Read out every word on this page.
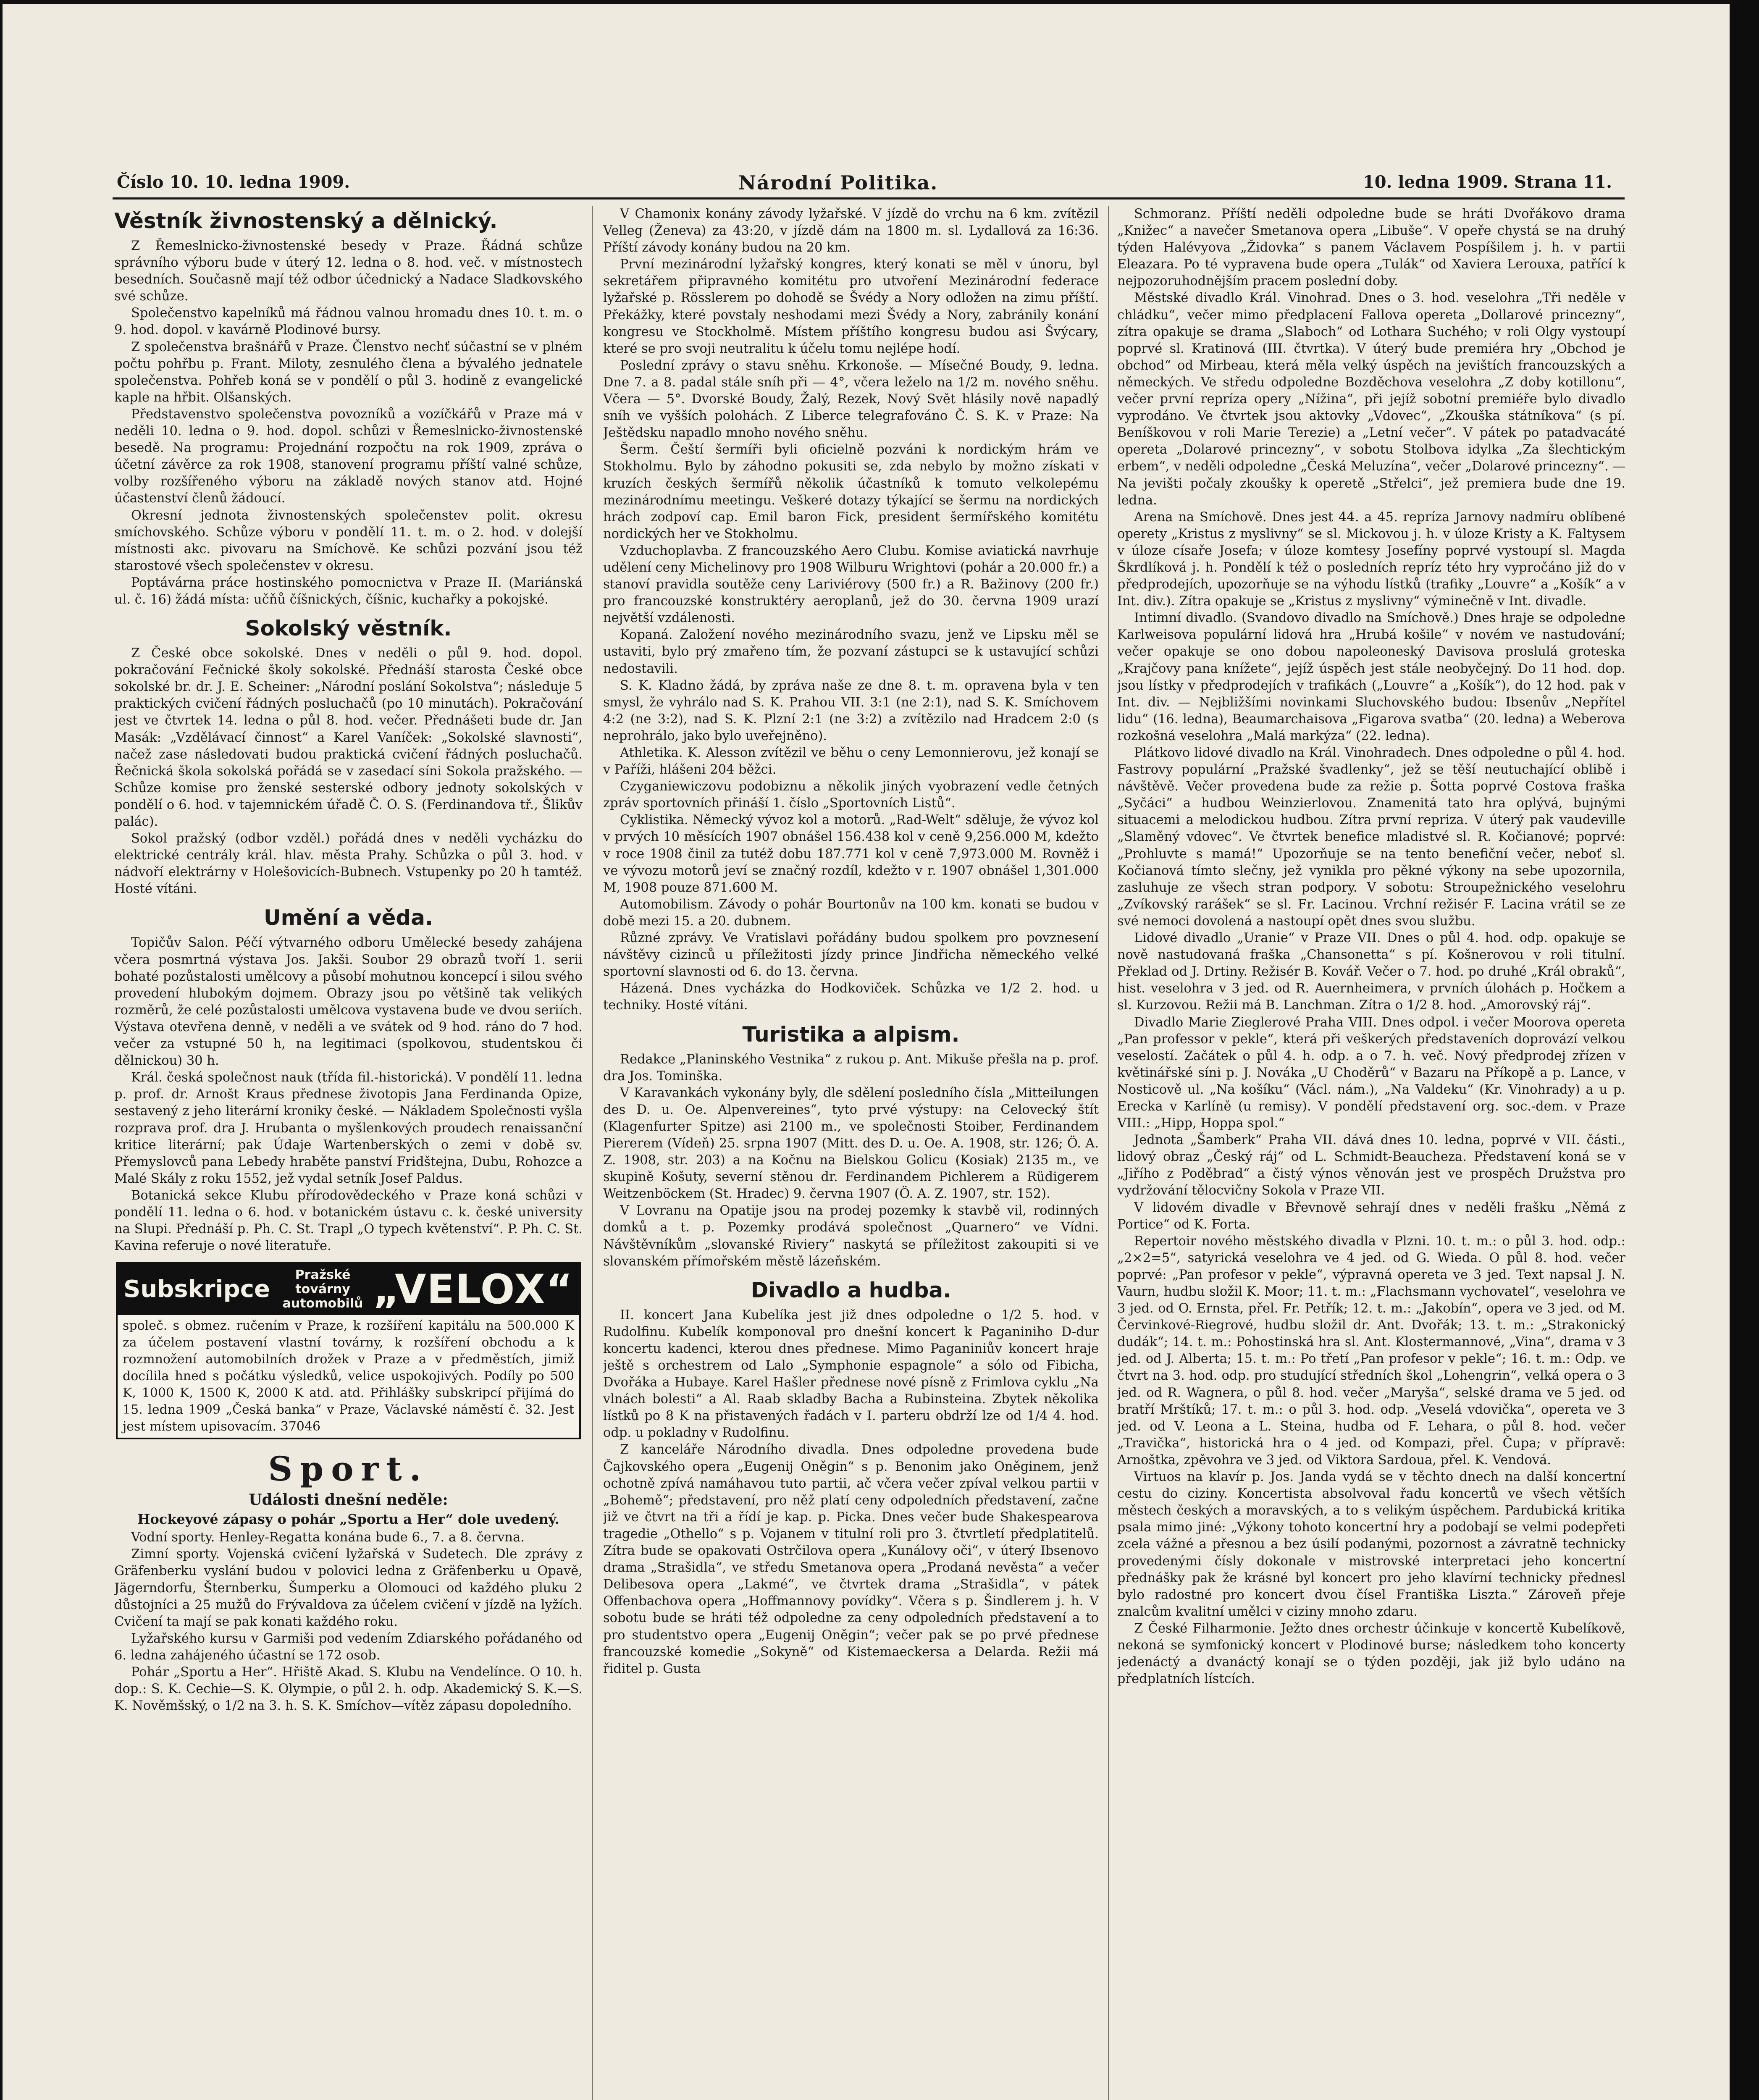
Číslo 10. 10. ledna 1909.	Národní Politika.	10. ledna 1909. Strana 11.
Věstník živnostenský a dělnický.

Z Řemeslnicko-živnostenské besedy v Praze. Řádná schůze správního výboru bude v úterý 12. ledna o 8. hod. več. v místnostech besedních. Současně mají též odbor účednický a Nadace Sladkovského své schůze.

Společenstvo kapelníků má řádnou valnou hromadu dnes 10. t. m. o 9. hod. dopol. v kavárně Plodinové bursy.

Z společenstva brašnářů v Praze. Členstvo nechť súčastní se v plném počtu pohřbu p. Frant. Miloty, zesnulého člena a bývalého jednatele společenstva. Pohřeb koná se v pondělí o půl 3. hodině z evangelické kaple na hřbit. Olšanských.

Představenstvo společenstva povozníků a vozíčkářů v Praze má v neděli 10. ledna o 9. hod. dopol. schůzi v Řemeslnicko-živnostenské besedě. Na programu: Projednání rozpočtu na rok 1909, zpráva o účetní závěrce za rok 1908, stanovení programu příští valné schůze, volby rozšířeného výboru na základě nových stanov atd. Hojné účastenství členů žádoucí.

Okresní jednota živnostenských společenstev polit. okresu smíchovského. Schůze výboru v pondělí 11. t. m. o 2. hod. v dolejší místnosti akc. pivovaru na Smíchově. Ke schůzi pozvání jsou též starostové všech společenstev v okresu.

Poptávárna práce hostinského pomocnictva v Praze II. (Mariánská ul. č. 16) žádá místa: učňů číšnických, číšnic, kuchařky a pokojské.

Sokolský věstník.

Z České obce sokolské. Dnes v neděli o půl 9. hod. dopol. pokračování Fečnické školy sokolské. Přednáší starosta České obce sokolské br. dr. J. E. Scheiner: „Národní poslání Sokolstva“; následuje 5 praktických cvičení řádných posluchačů (po 10 minutách). Pokračování jest ve čtvrtek 14. ledna o půl 8. hod. večer. Přednášeti bude dr. Jan Masák: „Vzdělávací činnost“ a Karel Vaníček: „Sokolské slavnosti“, načež zase následovati budou praktická cvičení řádných posluchačů. Řečnická škola sokolská pořádá se v zasedací síni Sokola pražského. — Schůze komise pro ženské sesterské odbory jednoty sokolských v pondělí o 6. hod. v tajemnickém úřadě Č. O. S. (Ferdinandova tř., Šlikův palác).

Sokol pražský (odbor vzděl.) pořádá dnes v neděli vycházku do elektrické centrály král. hlav. města Prahy. Schůzka o půl 3. hod. v nádvoří elektrárny v Holešovicích-Bubnech. Vstupenky po 20 h tamtéž. Hosté vítáni.

Umění a věda.

Topičův Salon. Péčí výtvarného odboru Umělecké besedy zahájena včera posmrtná výstava Jos. Jakši. Soubor 29 obrazů tvoří 1. serii bohaté pozůstalosti umělcovy a působí mohutnou koncepcí i silou svého provedení hlubokým dojmem. Obrazy jsou po většině tak velikých rozměrů, že celé pozůstalosti umělcova vystavena bude ve dvou seriích. Výstava otevřena denně, v neděli a ve svátek od 9 hod. ráno do 7 hod. večer za vstupné 50 h, na legitimaci (spolkovou, studentskou či dělnickou) 30 h.

Král. česká společnost nauk (třída fil.-historická). V pondělí 11. ledna p. prof. dr. Arnošt Kraus přednese životopis Jana Ferdinanda Opize, sestavený z jeho literární kroniky české. — Nákladem Společnosti vyšla rozprava prof. dra J. Hrubanta o myšlenkových proudech renaissanční kritice literární; pak Údaje Wartenberských o zemi v době sv. Přemyslovců pana Lebedy hraběte panství Fridštejna, Dubu, Rohozce a Malé Skály z roku 1552, jež vydal setník Josef Paldus.

Botanická sekce Klubu přírodovědeckého v Praze koná schůzi v pondělí 11. ledna o 6. hod. v botanickém ústavu c. k. české university na Slupi. Přednáší p. Ph. C. St. Trapl „O typech květenství“. P. Ph. C. St. Kavina referuje o nové literatuře.

Subskripce
Pražské továrny automobilů „VELOX“

společ. s obmez. ručením v Praze, k rozšíření kapitálu na 500.000 K za účelem postavení vlastní továrny, k rozšíření obchodu a k rozmnožení automobilních drožek v Praze a v předměstích, jimiž docílila hned s počátku výsledků, velice uspokojivých. Podíly po 500 K, 1000 K, 1500 K, 2000 K atd. atd. Přihlášky subskripcí přijímá do 15. ledna 1909 „Česká banka“ v Praze, Václavské náměstí č. 32. Jest jest místem upisovacím. 37046

Sport.
Události dnešní neděle:
Hockeyové zápasy o pohár „Sportu a Her“ dole uvedený.

Vodní sporty. Henley-Regatta konána bude 6., 7. a 8. června.

Zimní sporty. Vojenská cvičení lyžařská v Sudetech. Dle zprávy z Gräfenberku vyslání budou v polovici ledna z Gräfenberku u Opavě, Jägerndorfu, Šternberku, Šumperku a Olomouci od každého pluku 2 důstojníci a 25 mužů do Frývaldova za účelem cvičení v jízdě na lyžích. Cvičení ta mají se pak konati každého roku.

Lyžařského kursu v Garmiši pod vedením Zdiarského pořádaného od 6. ledna zahájeného účastní se 172 osob.

Pohár „Sportu a Her“. Hřiště Akad. S. Klubu na Vendelínce. O 10. h. dop.: S. K. Cechie—S. K. Olympie, o půl 2. h. odp. Akademický S. K.—S. K. Nověmšský, o 1/2 na 3. h. S. K. Smíchov—vítěz zápasu dopoledního.

V Chamonix konány závody lyžařské. V jízdě do vrchu na 6 km. zvítězil Velleg (Ženeva) za 43:20, v jízdě dám na 1800 m. sl. Lydallová za 16:36. Příští závody konány budou na 20 km.

První mezinárodní lyžařský kongres, který konati se měl v únoru, byl sekretářem připravného komitétu pro utvoření Mezinárodní federace lyžařské p. Rösslerem po dohodě se Švédy a Nory odložen na zimu příští. Překážky, které povstaly neshodami mezi Švédy a Nory, zabránily konání kongresu ve Stockholmě. Místem příštího kongresu budou asi Švýcary, které se pro svoji neutralitu k účelu tomu nejlépe hodí.

Poslední zprávy o stavu sněhu. Krkonoše. — Mísečné Boudy, 9. ledna. Dne 7. a 8. padal stále sníh při — 4°, včera leželo na 1/2 m. nového sněhu. Včera — 5°. Dvorské Boudy, Žalý, Rezek, Nový Svět hlásily nově napadlý sníh ve vyšších polohách. Z Liberce telegrafováno Č. S. K. v Praze: Na Ještědsku napadlo mnoho nového sněhu.

Šerm. Čeští šermíři byli oficielně pozváni k nordickým hrám ve Stokholmu. Bylo by záhodno pokusiti se, zda nebylo by možno získati v kruzích českých šermířů několik účastníků k tomuto velkolepému mezinárodnímu meetingu. Veškeré dotazy týkající se šermu na nordických hrách zodpoví cap. Emil baron Fick, president šermířského komitétu nordických her ve Stokholmu.

Vzduchoplavba. Z francouzského Aero Clubu. Komise aviatická navrhuje udělení ceny Michelinovy pro 1908 Wilburu Wrightovi (pohár a 20.000 fr.) a stanoví pravidla soutěže ceny Lariviérovy (500 fr.) a R. Bažinovy (200 fr.) pro francouzské konstruktéry aeroplanů, jež do 30. června 1909 urazí největší vzdálenosti.

Kopaná. Založení nového mezinárodního svazu, jenž ve Lipsku měl se ustaviti, bylo prý zmařeno tím, že pozvaní zástupci se k ustavující schůzi nedostavili.

S. K. Kladno žádá, by zpráva naše ze dne 8. t. m. opravena byla v ten smysl, že vyhrálo nad S. K. Prahou VII. 3:1 (ne 2:1), nad S. K. Smíchovem 4:2 (ne 3:2), nad S. K. Plzní 2:1 (ne 3:2) a zvítězilo nad Hradcem 2:0 (s neprohrálo, jako bylo uveřejněno).

Athletika. K. Alesson zvítězil ve běhu o ceny Lemonnierovu, jež konají se v Paříži, hlášeni 204 běžci.

Czyganiewiczovu podobiznu a několik jiných vyobrazení vedle četných zpráv sportovních přináší 1. číslo „Sportovních Listů“.

Cyklistika. Německý vývoz kol a motorů. „Rad-Welt“ sděluje, že vývoz kol v prvých 10 měsících 1907 obnášel 156.438 kol v ceně 9,256.000 M, kdežto v roce 1908 činil za tutéž dobu 187.771 kol v ceně 7,973.000 M. Rovněž i ve vývozu motorů jeví se značný rozdíl, kdežto v r. 1907 obnášel 1,301.000 M, 1908 pouze 871.600 M.

Automobilism. Závody o pohár Bourtonův na 100 km. konati se budou v době mezi 15. a 20. dubnem.

Různé zprávy. Ve Vratislavi pořádány budou spolkem pro povznesení návštěvy cizinců u příležitosti jízdy prince Jindřicha německého velké sportovní slavnosti od 6. do 13. června.

Házená. Dnes vycházka do Hodkoviček. Schůzka ve 1/2 2. hod. u techniky. Hosté vítáni.

Turistika a alpism.

Redakce „Planinského Vestnika“ z rukou p. Ant. Mikuše přešla na p. prof. dra Jos. Tominška.

V Karavankách vykonány byly, dle sdělení posledního čísla „Mitteilungen des D. u. Oe. Alpenvereines“, tyto prvé výstupy: na Celovecký štít (Klagenfurter Spitze) asi 2100 m., ve společnosti Stoiber, Ferdinandem Piererem (Vídeň) 25. srpna 1907 (Mitt. des D. u. Oe. A. 1908, str. 126; Ö. A. Z. 1908, str. 203) a na Kočnu na Bielskou Golicu (Kosiak) 2135 m., ve skupině Košuty, severní stěnou dr. Ferdinandem Pichlerem a Rüdigerem Weitzenböckem (St. Hradec) 9. června 1907 (Ö. A. Z. 1907, str. 152).

V Lovranu na Opatije jsou na prodej pozemky k stavbě vil, rodinných domků a t. p. Pozemky prodává společnost „Quarnero“ ve Vídni. Návštěvníkům „slovanské Riviery“ naskytá se příležitost zakoupiti si ve slovanském přímořském městě lázeňském.

Divadlo a hudba.

II. koncert Jana Kubelíka jest již dnes odpoledne o 1/2 5. hod. v Rudolfinu. Kubelík komponoval pro dnešní koncert k Paganiniho D-dur koncertu kadenci, kterou dnes přednese. Mimo Paganiniův koncert hraje ještě s orchestrem od Lalo „Symphonie espagnole“ a sólo od Fibicha, Dvořáka a Hubaye. Karel Hašler přednese nové písně z Frimlova cyklu „Na vlnách bolesti“ a Al. Raab skladby Bacha a Rubinsteina. Zbytek několika lístků po 8 K na přistavených řadách v I. parteru obdrží lze od 1/4 4. hod. odp. u pokladny v Rudolfinu.

Z kanceláře Národního divadla. Dnes odpoledne provedena bude Čajkovského opera „Eugenij Oněgin“ s p. Benonim jako Oněginem, jenž ochotně zpívá namáhavou tuto partii, ač včera večer zpíval velkou partii v „Bohemě“; představení, pro něž platí ceny odpoledních představení, začne již ve čtvrt na tři a řídí je kap. p. Picka. Dnes večer bude Shakespearova tragedie „Othello“ s p. Vojanem v titulní roli pro 3. čtvrtletí předplatitelů. Zítra bude se opakovati Ostrčilova opera „Kunálovy oči“, v úterý Ibsenovo drama „Strašidla“, ve středu Smetanova opera „Prodaná nevěsta“ a večer Delibesova opera „Lakmé“, ve čtvrtek drama „Strašidla“, v pátek Offenbachova opera „Hoffmannovy povídky“. Včera s p. Šindlerem j. h. V sobotu bude se hráti též odpoledne za ceny odpoledních představení a to pro studentstvo opera „Eugenij Oněgin“; večer pak se po prvé přednese francouzské komedie „Sokyně“ od Kistemaeckersa a Delarda. Režii má řiditel p. Gusta

Schmoranz. Příští neděli odpoledne bude se hráti Dvořákovo drama „Knižec“ a navečer Smetanova opera „Libuše“. V opeře chystá se na druhý týden Halévyova „Židovka“ s panem Václavem Pospíšilem j. h. v partii Eleazara. Po té vypravena bude opera „Tulák“ od Xaviera Lerouxa, patřící k nejpozoruhodnějším pracem poslední doby.

Městské divadlo Král. Vinohrad. Dnes o 3. hod. veselohra „Tři neděle v chládku“, večer mimo předplacení Fallova opereta „Dollarové princezny“, zítra opakuje se drama „Slaboch“ od Lothara Suchého; v roli Olgy vystoupí poprvé sl. Kratinová (III. čtvrtka). V úterý bude premiéra hry „Obchod je obchod“ od Mirbeau, která měla velký úspěch na jevištích francouzských a německých. Ve středu odpoledne Bozděchova veselohra „Z doby kotillonu“, večer první repríza opery „Nížina“, při jejíž sobotní premiéře bylo divadlo vyprodáno. Ve čtvrtek jsou aktovky „Vdovec“, „Zkouška státníkova“ (s pí. Beníškovou v roli Marie Terezie) a „Letní večer“. V pátek po patadvacáté opereta „Dolarové princezny“, v sobotu Stolbova idylka „Za šlechtickým erbem“, v neděli odpoledne „Česká Meluzína“, večer „Dolarové princezny“. — Na jevišti počaly zkoušky k operetě „Střelci“, jež premiera bude dne 19. ledna.

Arena na Smíchově. Dnes jest 44. a 45. repríza Jarnovy nadmíru oblíbené operety „Kristus z myslivny“ se sl. Mickovou j. h. v úloze Kristy a K. Faltysem v úloze císaře Josefa; v úloze komtesy Josefíny poprvé vystoupí sl. Magda Škrdlíková j. h. Pondělí k též o posledních repríz této hry vypročáno již do v předprodejích, upozorňuje se na výhodu lístků (trafiky „Louvre“ a „Košík“ a v Int. div.). Zítra opakuje se „Kristus z myslivny“ výminečně v Int. divadle.

Intimní divadlo. (Svandovo divadlo na Smíchově.) Dnes hraje se odpoledne Karlweisova populární lidová hra „Hrubá košile“ v novém ve nastudování; večer opakuje se ono dobou napoleoneský Davisova proslulá groteska „Krajčovy pana knížete“, jejíž úspěch jest stále neobyčejný. Do 11 hod. dop. jsou lístky v předprodejích v trafikách („Louvre“ a „Košík“), do 12 hod. pak v Int. div. — Nejbližšími novinkami Sluchovského budou: Ibsenův „Nepřítel lidu“ (16. ledna), Beaumarchaisova „Figarova svatba“ (20. ledna) a Weberova rozkošná veselohra „Malá markýza“ (22. ledna).

Plátkovo lidové divadlo na Král. Vinohradech. Dnes odpoledne o půl 4. hod. Fastrovy populární „Pražské švadlenky“, jež se těší neutuchající oblibě i návštěvě. Večer provedena bude za režie p. Šotta poprvé Costova fraška „Syčáci“ a hudbou Weinzierlovou. Znamenitá tato hra oplývá, bujnými situacemi a melodickou hudbou. Zítra první repriza. V úterý pak vaudeville „Slaměný vdovec“. Ve čtvrtek benefice mladistvé sl. R. Kočianové; poprvé: „Prohluvte s mamá!“ Upozorňuje se na tento benefiční večer, neboť sl. Kočianová tímto slečny, jež vynikla pro pěkné výkony na sebe upozornila, zasluhuje ze všech stran podpory. V sobotu: Stroupežnického veselohru „Zvíkovský rarášek“ se sl. Fr. Lacinou. Vrchní režisér F. Lacina vrátil se ze své nemoci dovolená a nastoupí opět dnes svou službu.

Lidové divadlo „Uranie“ v Praze VII. Dnes o půl 4. hod. odp. opakuje se nově nastudovaná fraška „Chansonetta“ s pí. Košnerovou v roli titulní. Překlad od J. Drtiny. Režisér B. Kovář. Večer o 7. hod. po druhé „Král obraků“, hist. veselohra v 3 jed. od R. Auernheimera, v prvních úlohách p. Hočkem a sl. Kurzovou. Režii má B. Lanchman. Zítra o 1/2 8. hod. „Amorovský ráj“.

Divadlo Marie Zieglerové Praha VIII. Dnes odpol. i večer Moorova opereta „Pan professor v pekle“, která při veškerých představeních doprovází velkou veselostí. Začátek o půl 4. h. odp. a o 7. h. več. Nový předprodej zřízen v květinářské síni p. J. Nováka „U Choděrů“ v Bazaru na Příkopě a p. Lance, v Nosticově ul. „Na košíku“ (Václ. nám.), „Na Valdeku“ (Kr. Vinohrady) a u p. Erecka v Karlíně (u remisy). V pondělí představení org. soc.-dem. v Praze VIII.: „Hipp, Hoppa spol.“

Jednota „Šamberk“ Praha VII. dává dnes 10. ledna, poprvé v VII. části., lidový obraz „Český ráj“ od L. Schmidt-Beaucheza. Představení koná se v „Jiřího z Poděbrad“ a čistý výnos věnován jest ve prospěch Družstva pro vydržování tělocvičny Sokola v Praze VII.

V lidovém divadle v Břevnově sehrají dnes v neděli frašku „Němá z Portice“ od K. Forta.

Repertoir nového městského divadla v Plzni. 10. t. m.: o půl 3. hod. odp.: „2×2=5“, satyrická veselohra ve 4 jed. od G. Wieda. O půl 8. hod. večer poprvé: „Pan profesor v pekle“, výpravná opereta ve 3 jed. Text napsal J. N. Vaurn, hudbu složil K. Moor; 11. t. m.: „Flachsmann vychovatel“, veselohra ve 3 jed. od O. Ernsta, přel. Fr. Petřík; 12. t. m.: „Jakobín“, opera ve 3 jed. od M. Červinkové-Riegrové, hudbu složil dr. Ant. Dvořák; 13. t. m.: „Strakonický dudák“; 14. t. m.: Pohostinská hra sl. Ant. Klostermannové, „Vina“, drama v 3 jed. od J. Alberta; 15. t. m.: Po třetí „Pan profesor v pekle“; 16. t. m.: Odp. ve čtvrt na 3. hod. odp. pro studující středních škol „Lohengrin“, velká opera o 3 jed. od R. Wagnera, o půl 8. hod. večer „Maryša“, selské drama ve 5 jed. od bratří Mrštíků; 17. t. m.: o půl 3. hod. odp. „Veselá vdovička“, opereta ve 3 jed. od V. Leona a L. Steina, hudba od F. Lehara, o půl 8. hod. večer „Travička“, historická hra o 4 jed. od Kompazi, přel. Čupa; v přípravě: Arnoštka, zpěvohra ve 3 jed. od Viktora Sardoua, přel. K. Vendová.

Virtuos na klavír p. Jos. Janda vydá se v těchto dnech na další koncertní cestu do ciziny. Koncertista absolvoval řadu koncertů ve všech větších městech českých a moravských, a to s velikým úspěchem. Pardubická kritika psala mimo jiné: „Výkony tohoto koncertní hry a podobají se velmi podepřeti zcela vážné a přesnou a bez úsilí podanými, pozornost a závratně technicky provedenými čísly dokonale v mistrovské interpretaci jeho koncertní přednášky pak že krásné byl koncert pro jeho klavírní technicky přednesl bylo radostné pro koncert dvou čísel Františka Liszta.“ Zároveň přeje znalcům kvalitní umělci v ciziny mnoho zdaru.

Z České Filharmonie. Ježto dnes orchestr účinkuje v koncertě Kubelíkově, nekoná se symfonický koncert v Plodinové burse; následkem toho koncerty jedenáctý a dvanáctý konají se o týden později, jak již bylo udáno na předplatních lístcích.
